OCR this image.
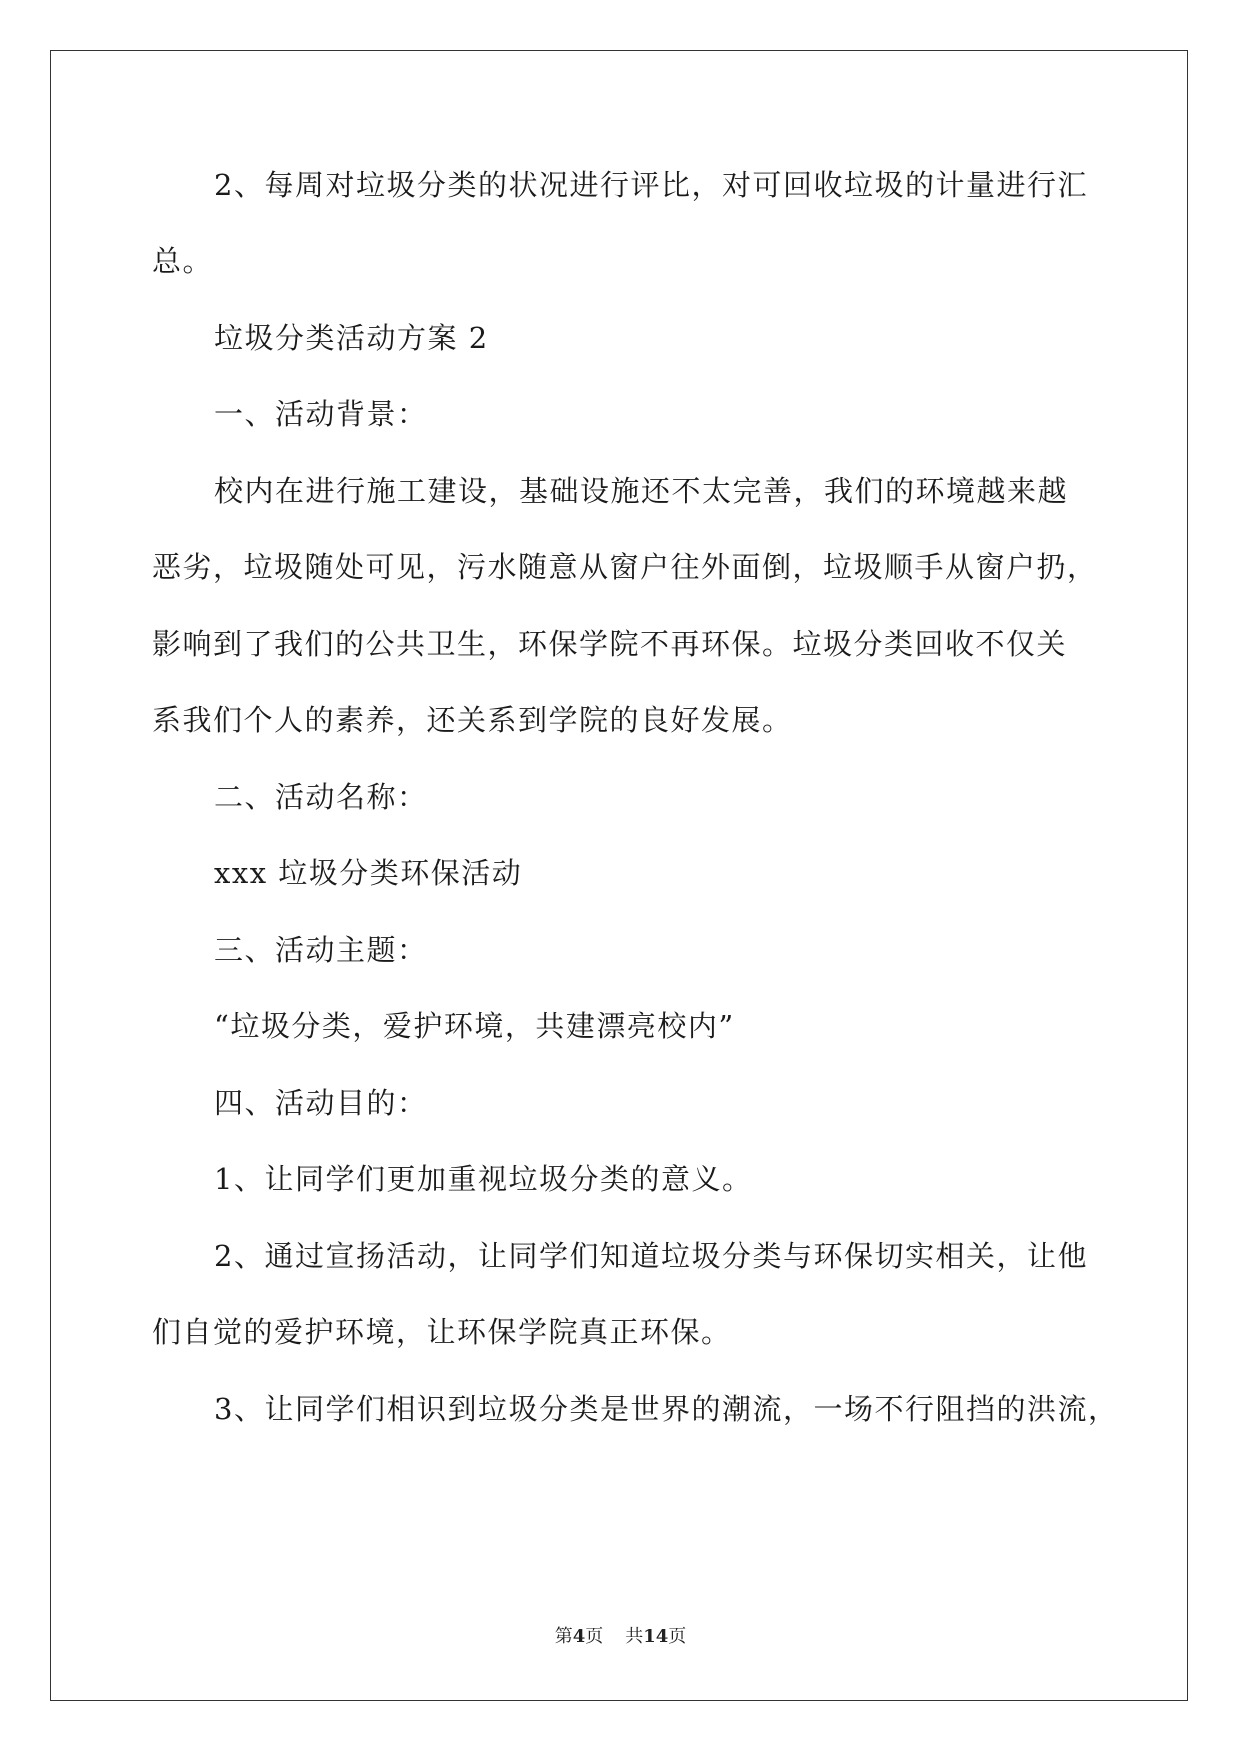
2、每周对垃圾分类的状况进行评比，对可回收垃圾的计量进行汇
总。
垃圾分类活动方案 2
一、活动背景：
校内在进行施工建设，基础设施还不太完善，我们的环境越来越
恶劣，垃圾随处可见，污水随意从窗户往外面倒，垃圾顺手从窗户扔，
影响到了我们的公共卫生，环保学院不再环保。垃圾分类回收不仅关
系我们个人的素养，还关系到学院的良好发展。
二、活动名称：
xxx 垃圾分类环保活动
三、活动主题：
“垃圾分类，爱护环境，共建漂亮校内”
四、活动目的：
1、让同学们更加重视垃圾分类的意义。
2、通过宣扬活动，让同学们知道垃圾分类与环保切实相关，让他
们自觉的爱护环境，让环保学院真正环保。
3、让同学们相识到垃圾分类是世界的潮流，一场不行阻挡的洪流，
第4页 共14页
